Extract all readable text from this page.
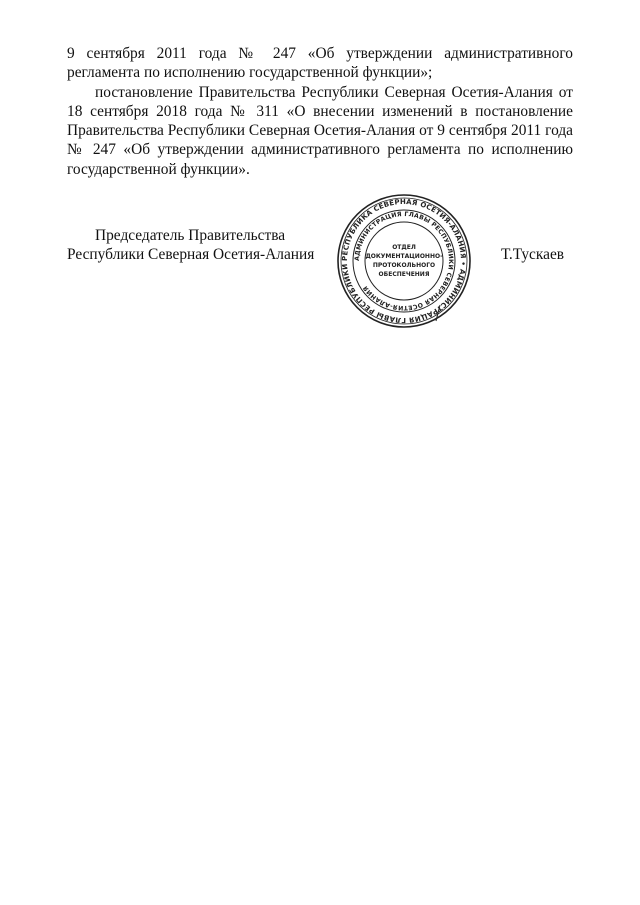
9 сентября 2011 года № 247 «Об утверждении административного регламента по исполнению государственной функции»;

постановление Правительства Республики Северная Осетия-Алания от 18 сентября 2018 года № 311 «О внесении изменений в постановление Правительства Республики Северная Осетия-Алания от 9 сентября 2011 года № 247 «Об утверждении административного регламента по исполнению государственной функции».

Председатель Правительства
Республики Северная Осетия-Алания	РЕСПУБЛИКА СЕВЕРНАЯ ОСЕТИЯ-АЛАНИЯ • АДМИНИСТРАЦИЯ ГЛАВЫ РЕСПУБЛИКИ
АДМИНИСТРАЦИЯ ГЛАВЫ РЕСПУБЛИКИ СЕВЕРНАЯ ОСЕТИЯ-АЛАНИЯ
ОТДЕЛ
ДОКУМЕНТАЦИОННО-
ПРОТОКОЛЬНОГО
ОБЕСПЕЧЕНИЯ
Т.Тускаев
